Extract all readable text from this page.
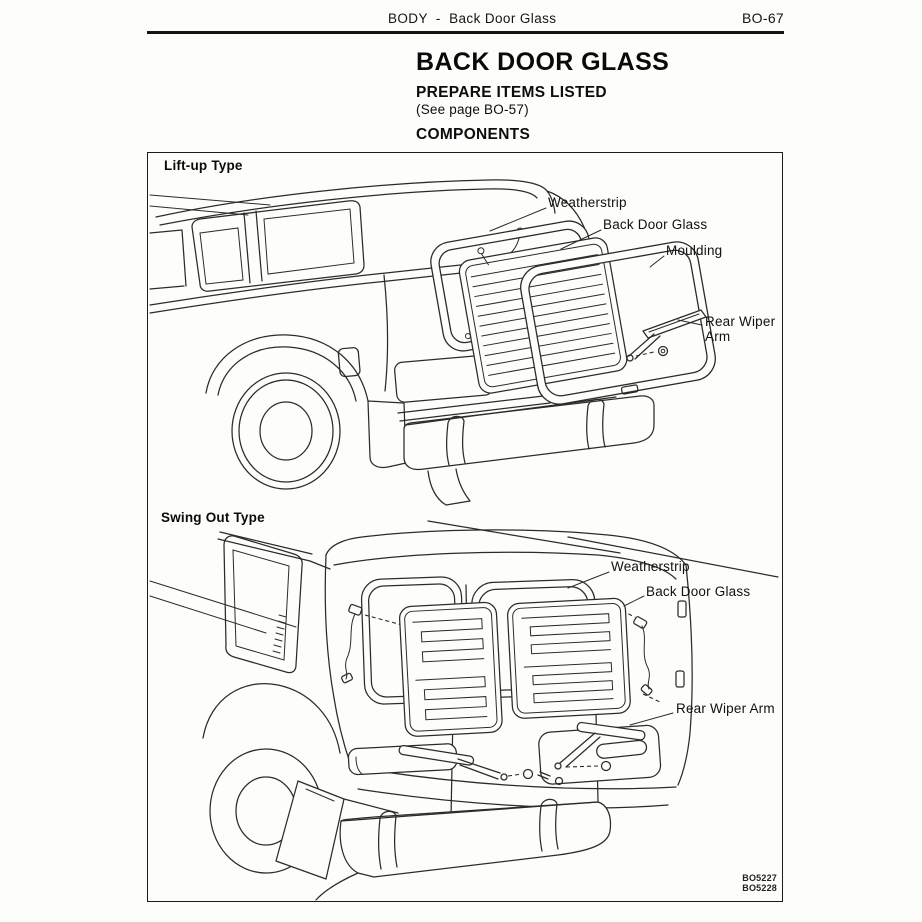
BODY  -  Back Door Glass	BO-67
BACK DOOR GLASS
PREPARE ITEMS LISTED
(See page BO-57)
COMPONENTS
Lift-up Type
Weatherstrip
Back Door Glass
Moulding
Rear Wiper Arm
Swing Out Type
Weatherstrip
Back Door Glass
Rear Wiper Arm
BO5227
BO5228
